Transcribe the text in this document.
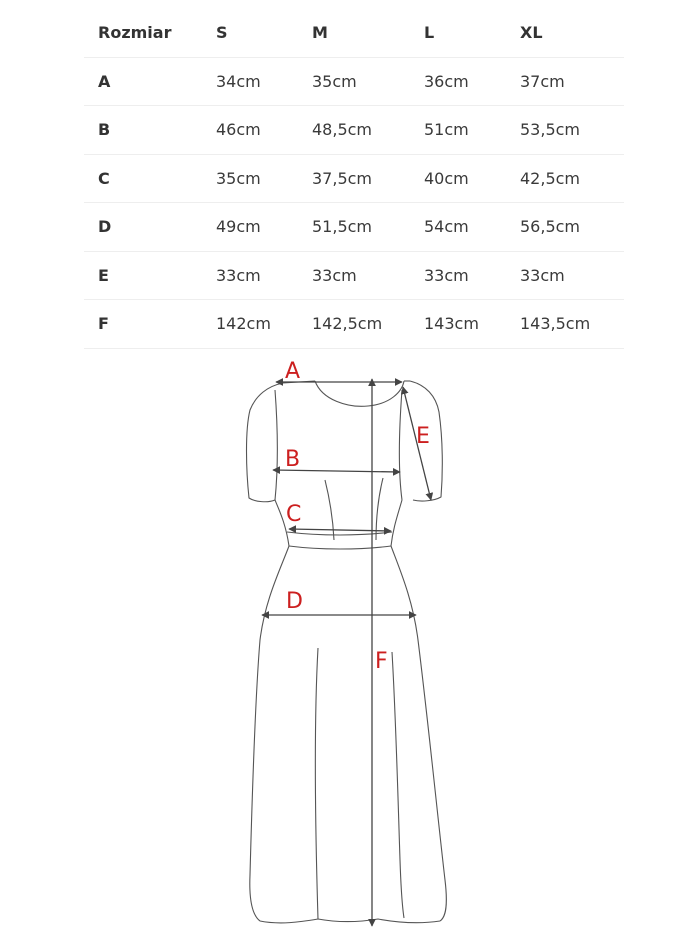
Rozmiar	S	M	L	XL
A	34cm	35cm	36cm	37cm
B	46cm	48,5cm	51cm	53,5cm
C	35cm	37,5cm	40cm	42,5cm
D	49cm	51,5cm	54cm	56,5cm
E	33cm	33cm	33cm	33cm
F	142cm	142,5cm	143cm	143,5cm
A
B
C
D
E
F
